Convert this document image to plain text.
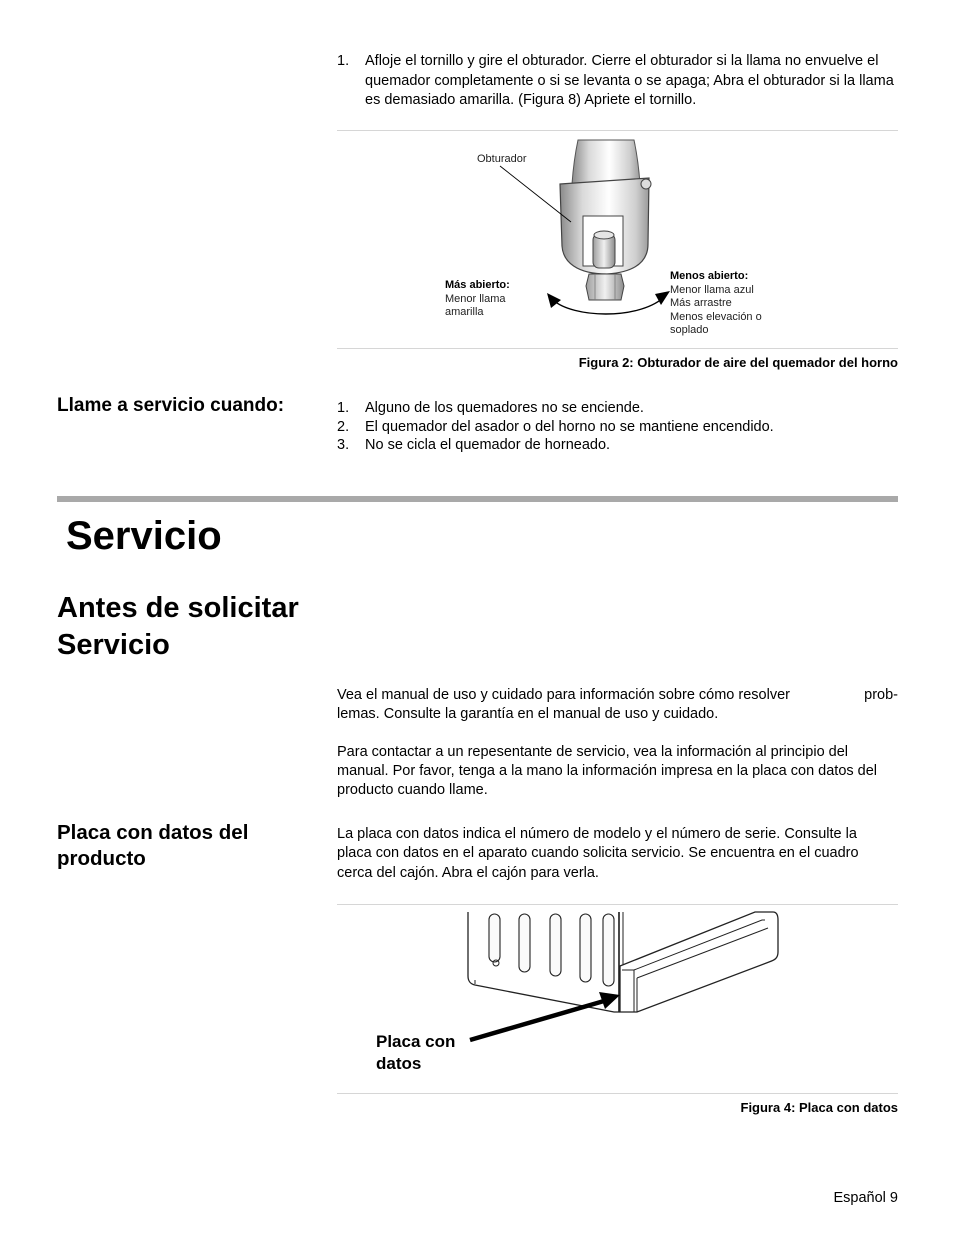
1. Afloje el tornillo y gire el obturador. Cierre el obturador si la llama no envuelve el quemador completamente o si se levanta o se apaga; Abra el obturador si la llama es demasiado amarilla. (Figura 8) Apriete el tornillo.
Obturador
Más abierto:
Menor llama
amarilla
Menos abierto:
Menor llama azul
Más arrastre
Menos elevación o
soplado
Figura 2: Obturador de aire del quemador del horno
Llame a servicio cuando:	1. Alguno de los quemadores no se enciende.
2. El quemador del asador o del horno no se mantiene encendido.
3. No se cicla el quemador de horneado.
Servicio
Antes de solicitar
Servicio
Vea el manual de uso y cuidado para información sobre cómo resolver	prob-
lemas. Consulte la garantía en el manual de uso y cuidado.
Para contactar a un repesentante de servicio, vea la información al principio del manual. Por favor, tenga a la mano la información impresa en la placa con datos del producto cuando llame.
Placa con datos del
producto
La placa con datos indica el número de modelo y el número de serie. Consulte la
placa con datos en el aparato cuando solicita servicio. Se encuentra en el cuadro
cerca del cajón. Abra el cajón para verla.
Placa con
datos
Figura 4: Placa con datos
Español 9
